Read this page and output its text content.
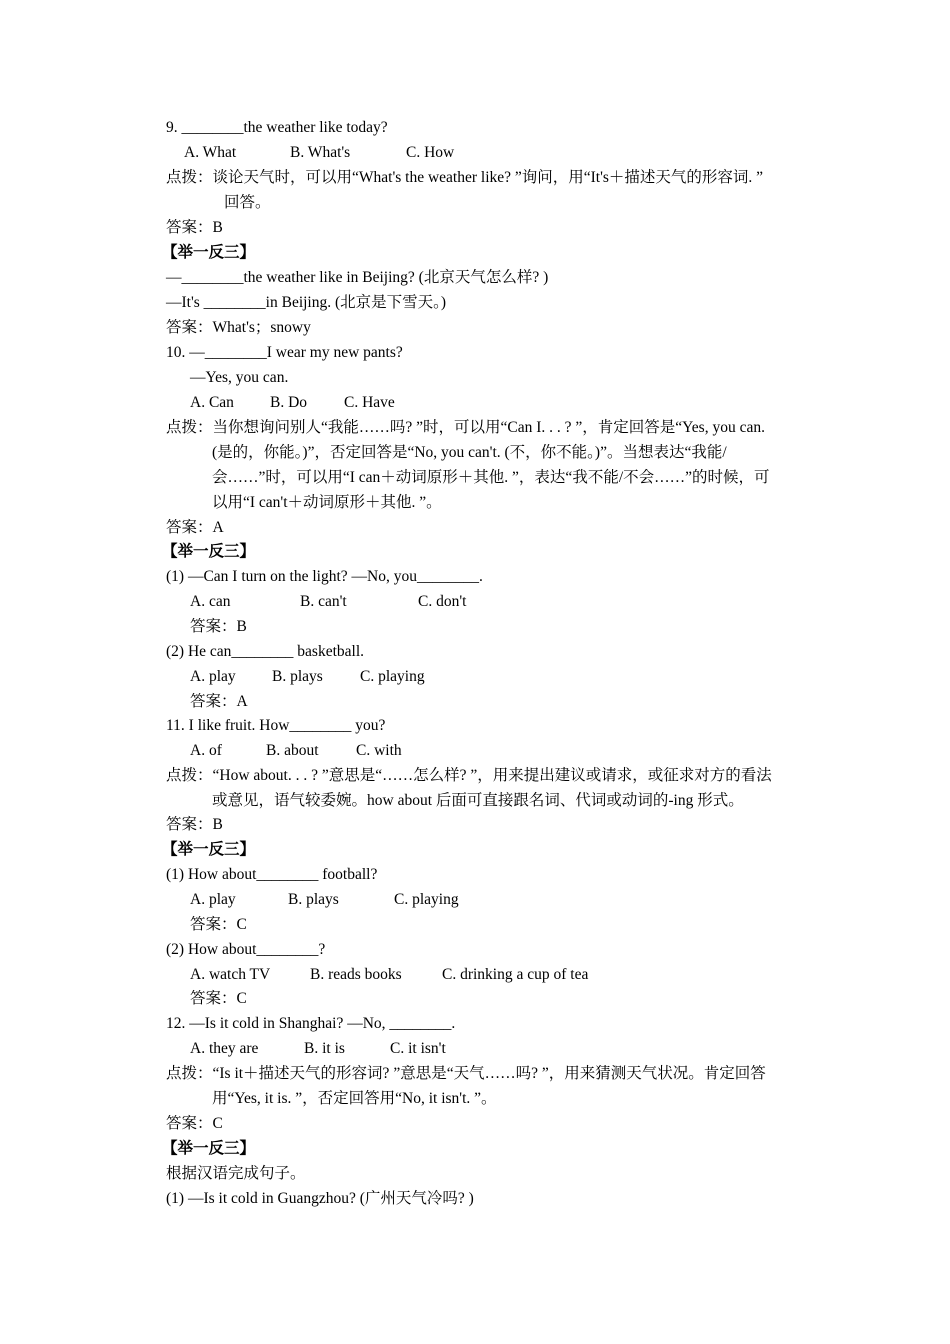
9. ________the weather like today?
A. What	B. What's	C. How
点拨：谈论天气时，可以用“What's the weather like? ”询问，用“It's＋描述天气的形容词. ”
回答。
答案：B
【举一反三】
—________the weather like in Beijing? (北京天气怎么样? )
—It's ________in Beijing. (北京是下雪天。)
答案：What's；snowy
10. —________I wear my new pants?
—Yes, you can.
A. Can B. Do C. Have
点拨：当你想询问别人“我能……吗? ”时，可以用“Can I. . . ? ”，肯定回答是“Yes, you can.
(是的，你能。)”，否定回答是“No, you can't. (不，你不能。)”。当想表达“我能/
会……”时，可以用“I can＋动词原形＋其他. ”，表达“我不能/不会……”的时候，可
以用“I can't＋动词原形＋其他. ”。
答案：A
【举一反三】
(1) —Can I turn on the light? —No, you________.
A. can	B. can't	C. don't
答案：B
(2) He can________ basketball.
A. play B. plays C. playing
答案：A
11. I like fruit. How________ you?
A. of	B. about C. with
点拨：“How about. . . ? ”意思是“……怎么样? ”，用来提出建议或请求，或征求对方的看法
或意见，语气较委婉。how about 后面可直接跟名词、代词或动词的-ing 形式。
答案：B
【举一反三】
(1) How about________ football?
A. play	B. plays	C. playing
答案：C
(2) How about________?
A. watch TV	B. reads books	C. drinking a cup of tea
答案：C
12. —Is it cold in Shanghai? —No, ________.
A. they are	B. it is	C. it isn't
点拨：“Is it＋描述天气的形容词? ”意思是“天气……吗? ”，用来猜测天气状况。肯定回答
用“Yes, it is. ”，否定回答用“No, it isn't. ”。
答案：C
【举一反三】
根据汉语完成句子。
(1) —Is it cold in Guangzhou? (广州天气冷吗? )
